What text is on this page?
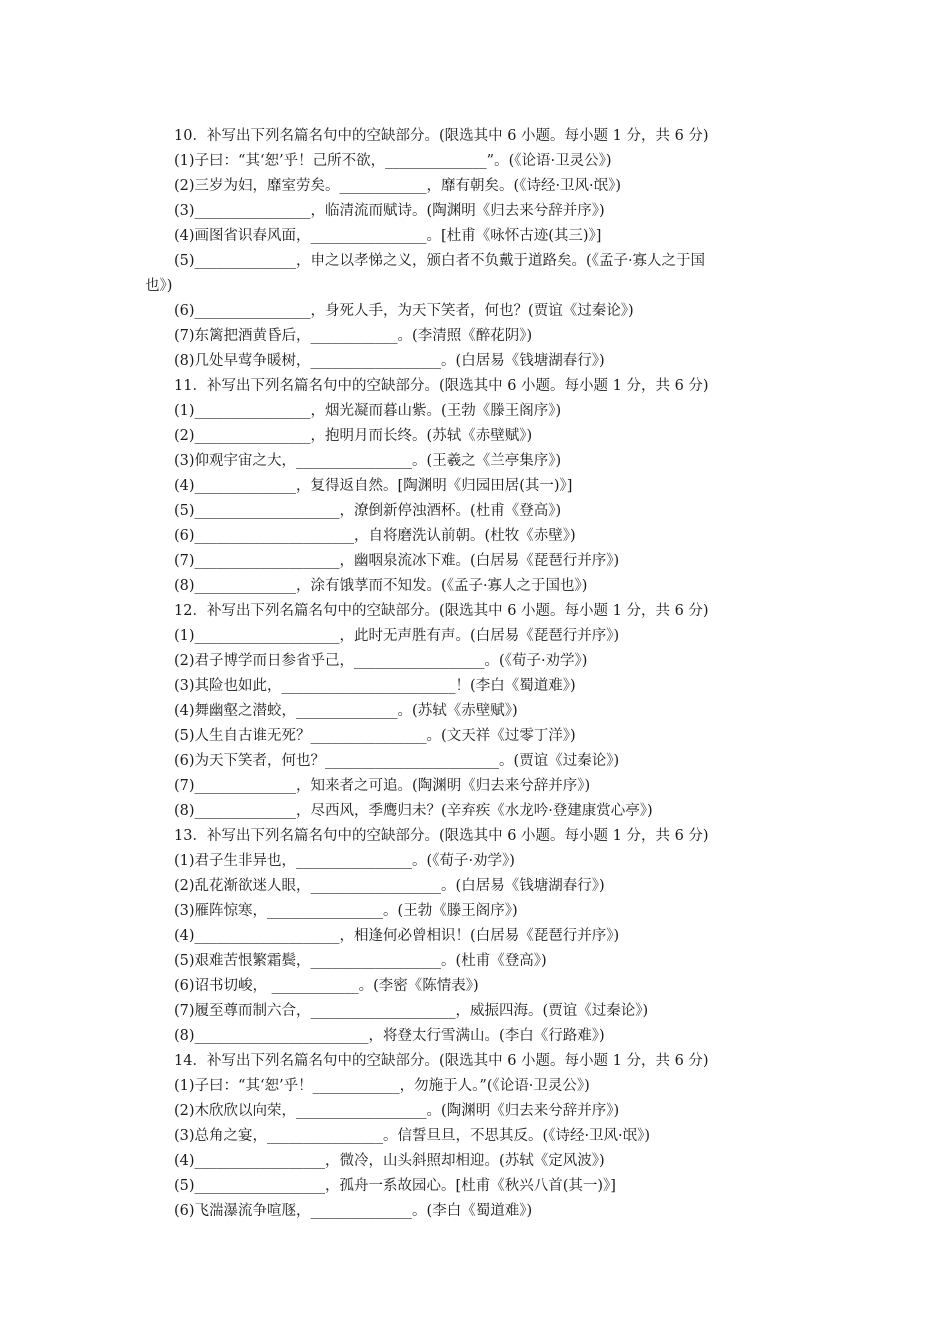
10．补写出下列名篇名句中的空缺部分。(限选其中 6 小题。每小题 1 分，共 6 分)
(1)子曰：“其‘恕’乎！己所不欲，______________”。(《论语·卫灵公》)
(2)三岁为妇，靡室劳矣。____________，靡有朝矣。(《诗经·卫风·氓》)
(3)________________，临清流而赋诗。(陶渊明《归去来兮辞并序》)
(4)画图省识春风面，________________。[杜甫《咏怀古迹(其三)》]
(5)______________，申之以孝悌之义，颁白者不负戴于道路矣。(《孟子·寡人之于国
也》)
(6)________________，身死人手，为天下笑者，何也？(贾谊《过秦论》)
(7)东篱把酒黄昏后，____________。(李清照《醉花阴》)
(8)几处早莺争暖树，__________________。(白居易《钱塘湖春行》)
11．补写出下列名篇名句中的空缺部分。(限选其中 6 小题。每小题 1 分，共 6 分)
(1)________________，烟光凝而暮山紫。(王勃《滕王阁序》)
(2)________________，抱明月而长终。(苏轼《赤壁赋》)
(3)仰观宇宙之大，________________。(王羲之《兰亭集序》)
(4)______________，复得返自然。[陶渊明《归园田居(其一)》]
(5)____________________，潦倒新停浊酒杯。(杜甫《登高》)
(6)______________________，自将磨洗认前朝。(杜牧《赤壁》)
(7)____________________，幽咽泉流冰下难。(白居易《琵琶行并序》)
(8)______________，涂有饿莩而不知发。(《孟子·寡人之于国也》)
12．补写出下列名篇名句中的空缺部分。(限选其中 6 小题。每小题 1 分，共 6 分)
(1)____________________，此时无声胜有声。(白居易《琵琶行并序》)
(2)君子博学而日参省乎己，__________________。(《荀子·劝学》)
(3)其险也如此，________________________！(李白《蜀道难》)
(4)舞幽壑之潜蛟，______________。(苏轼《赤壁赋》)
(5)人生自古谁无死？________________。(文天祥《过零丁洋》)
(6)为天下笑者，何也？________________________。(贾谊《过秦论》)
(7)______________，知来者之可追。(陶渊明《归去来兮辞并序》)
(8)______________，尽西风，季鹰归未？(辛弃疾《水龙吟·登建康赏心亭》)
13．补写出下列名篇名句中的空缺部分。(限选其中 6 小题。每小题 1 分，共 6 分)
(1)君子生非异也，________________。(《荀子·劝学》)
(2)乱花渐欲迷人眼，__________________。(白居易《钱塘湖春行》)
(3)雁阵惊寒，________________。(王勃《滕王阁序》)
(4)____________________，相逢何必曾相识！(白居易《琵琶行并序》)
(5)艰难苦恨繁霜鬓，__________________。(杜甫《登高》)
(6)诏书切峻， ____________。(李密《陈情表》)
(7)履至尊而制六合，____________________，威振四海。(贾谊《过秦论》)
(8)________________________，将登太行雪满山。(李白《行路难》)
14．补写出下列名篇名句中的空缺部分。(限选其中 6 小题。每小题 1 分，共 6 分)
(1)子曰：“其‘恕’乎！____________，勿施于人。”(《论语·卫灵公》)
(2)木欣欣以向荣，__________________。(陶渊明《归去来兮辞并序》)
(3)总角之宴，________________。信誓旦旦，不思其反。(《诗经·卫风·氓》)
(4)__________________，微冷，山头斜照却相迎。(苏轼《定风波》)
(5)__________________，孤舟一系故园心。[杜甫《秋兴八首(其一)》]
(6)飞湍瀑流争喧豗，______________。(李白《蜀道难》)
